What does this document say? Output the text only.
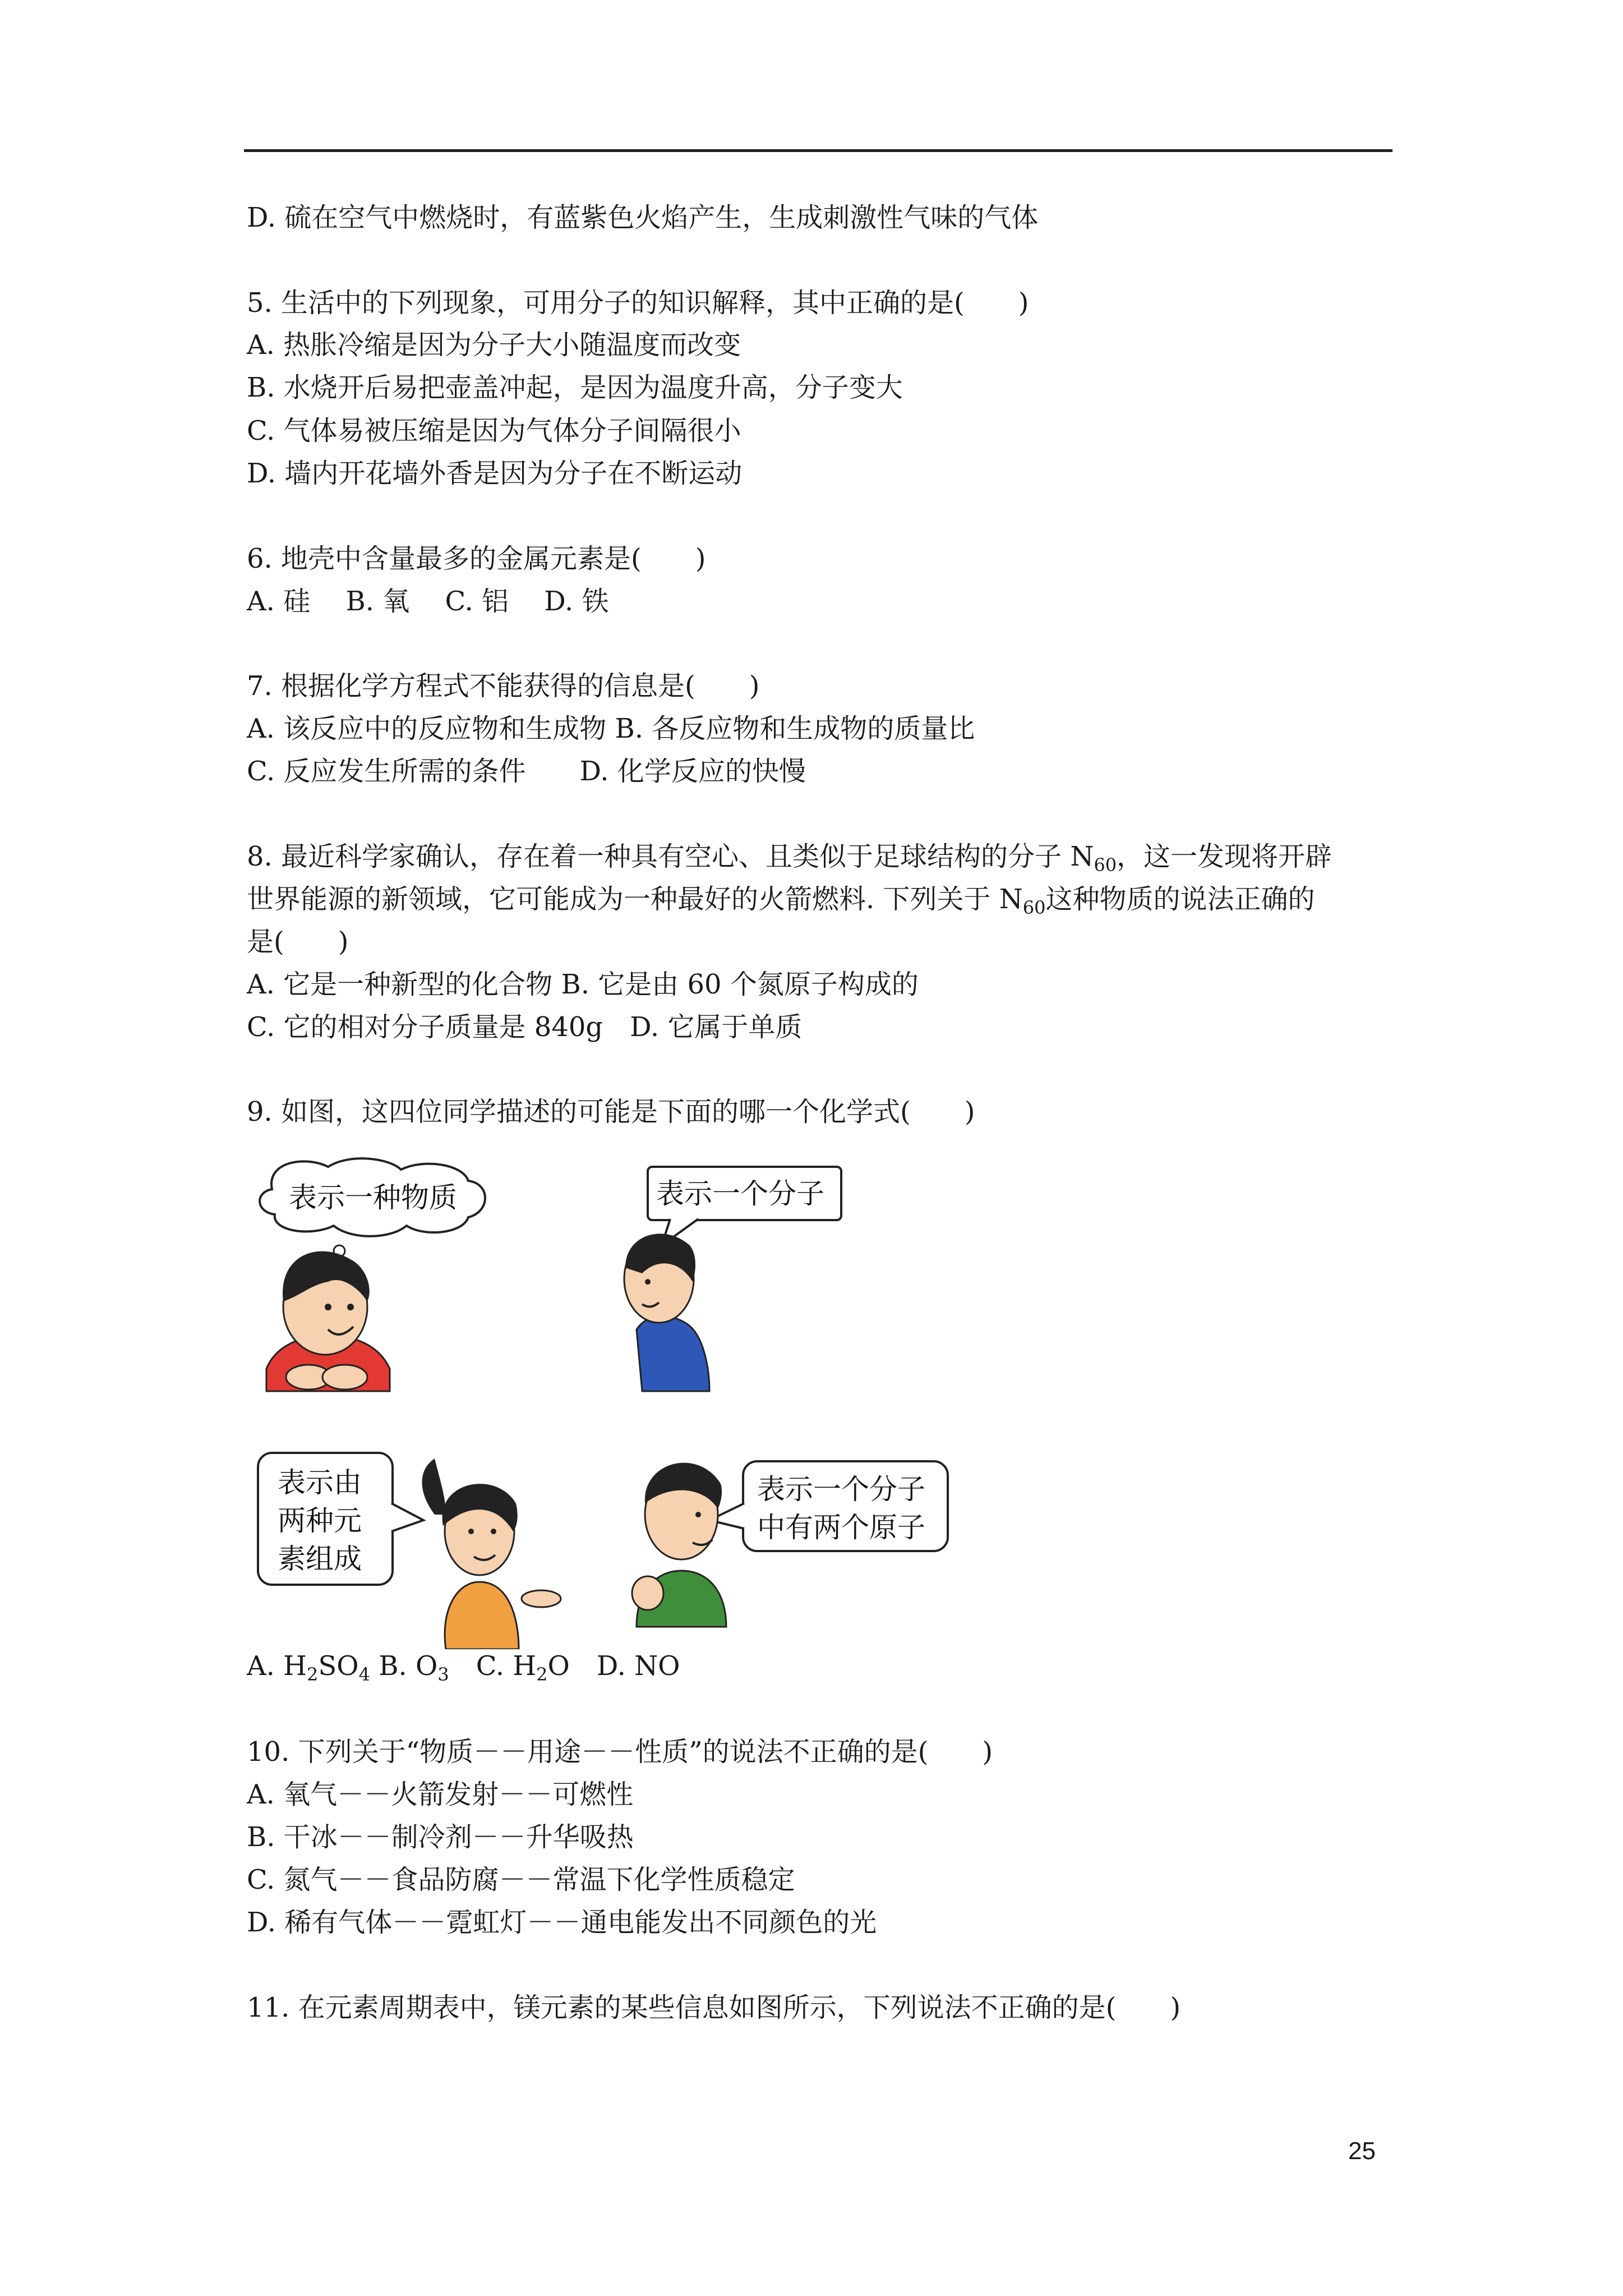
D. 硫在空气中燃烧时，有蓝紫色火焰产生，生成刺激性气味的气体
5. 生活中的下列现象，可用分子的知识解释，其中正确的是(　　)
A. 热胀冷缩是因为分子大小随温度而改变
B. 水烧开后易把壶盖冲起，是因为温度升高，分子变大
C. 气体易被压缩是因为气体分子间隔很小
D. 墙内开花墙外香是因为分子在不断运动
6. 地壳中含量最多的金属元素是(　　)
A. 硅　 B. 氧　 C. 铝　 D. 铁
7. 根据化学方程式不能获得的信息是(　　)
A. 该反应中的反应物和生成物 B. 各反应物和生成物的质量比
C. 反应发生所需的条件　　D. 化学反应的快慢
8. 最近科学家确认，存在着一种具有空心、且类似于足球结构的分子 $N_{60}$，这一发现将开辟
世界能源的新领域，它可能成为一种最好的火箭燃料. 下列关于 $N_{60}$这种物质的说法正确的
是(　　)
A. 它是一种新型的化合物 B. 它是由 60 个氮原子构成的
C. 它的相对分子质量是 840g　D. 它属于单质
9. 如图，这四位同学描述的可能是下面的哪一个化学式(　　)
表示一种物质	表示一个分子
表示由
两种元
素组成
表示一个分子
中有两个原子
A. $H_2SO_4$ B. $O_3$　C. $H_2O$　D. NO
10. 下列关于“物质－－用途－－性质”的说法不正确的是(　　)
A. 氧气－－火箭发射－－可燃性
B. 干冰－－制冷剂－－升华吸热
C. 氮气－－食品防腐－－常温下化学性质稳定
D. 稀有气体－－霓虹灯－－通电能发出不同颜色的光
11. 在元素周期表中，镁元素的某些信息如图所示，下列说法不正确的是(　　)
25
